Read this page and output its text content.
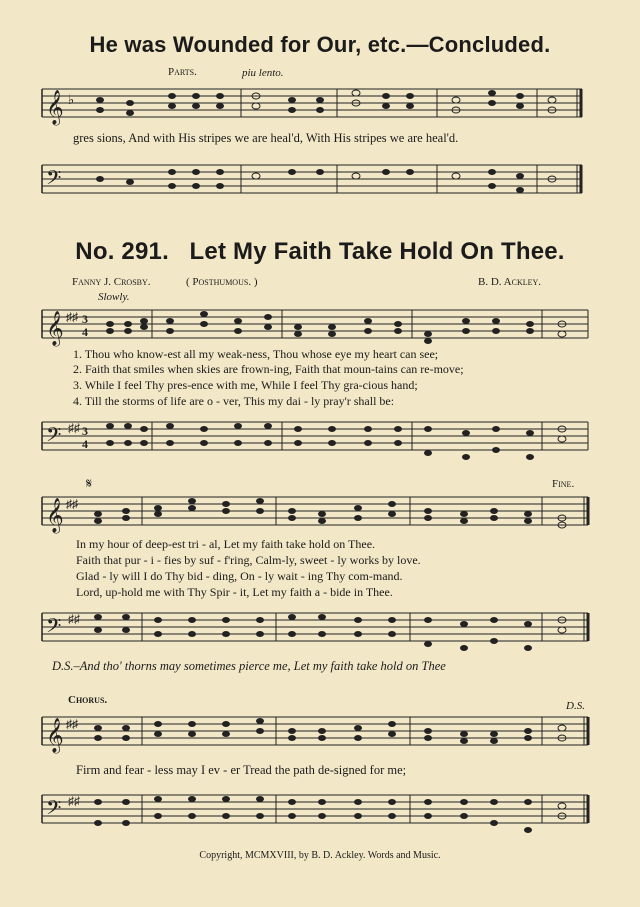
He was Wounded for Our, etc.—Concluded.
Parts.	piu lento.
𝄞 ♭
gres sions, And with His stripes we are heal'd, With His stripes we are heal'd.
𝄢
No. 291. Let My Faith Take Hold On Thee.
Fanny J. Crosby.	( Posthumous. )	B. D. Ackley.
Slowly.
𝄞 ♯♯ 3
4
1. Thou who know-est all my weak-ness, Thou whose eye my heart can see;
2. Faith that smiles when skies are frown-ing, Faith that moun-tains can re-move;
3. While I feel Thy pres-ence with me, While I feel Thy gra-cious hand;
4. Till the storms of life are o - ver, This my dai - ly pray'r shall be:
𝄢 ♯♯ 3
4
𝄞 ♯♯
𝄋	Fine.
In my hour of deep-est tri - al, Let my faith take hold on Thee.
Faith that pur - i - fies by suf - f'ring, Calm-ly, sweet - ly works by love.
Glad - ly will I do Thy bid - ding, On - ly wait - ing Thy com-mand.
Lord, up-hold me with Thy Spir - it, Let my faith a - bide in Thee.
𝄢 ♯♯
D.S.–And tho' thorns may sometimes pierce me, Let my faith take hold on Thee
Chorus.	D.S.
𝄞 ♯♯
Firm and fear - less may I ev - er Tread the path de-signed for me;
𝄢 ♯♯
Copyright, MCMXVIII, by B. D. Ackley. Words and Music.
